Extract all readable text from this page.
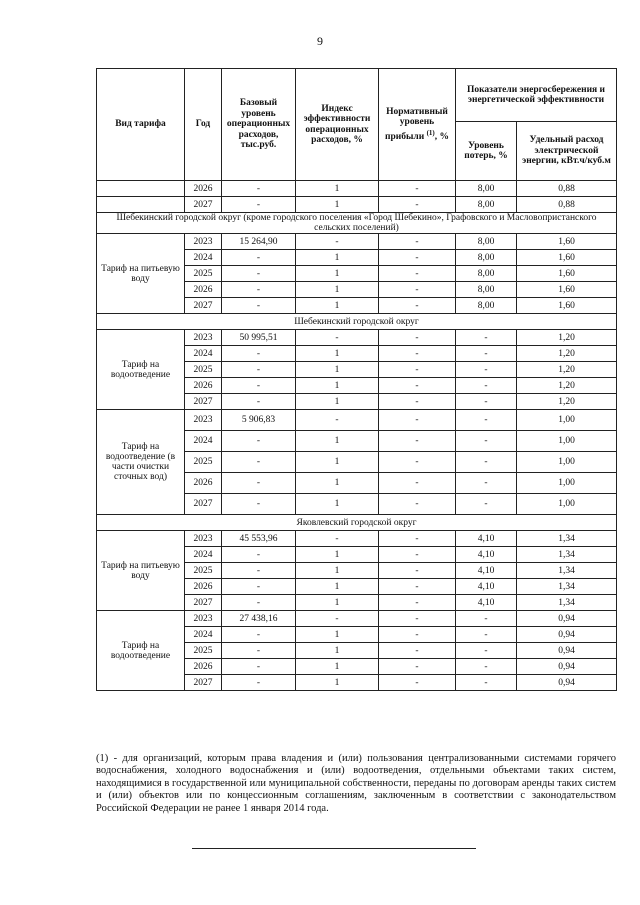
9
Вид тарифа	Год	Базовый уровень операционных расходов, тыс.руб.	Индекс эффективности операционных расходов, %	Нормативный уровень прибыли $^{(1)}$, %	Показатели энергосбережения и энергетической эффективности	
					Уровень потерь, %	Удельный расход электрической энергии, кВт.ч/куб.м
	2026	-	1	-	8,00	0,88
	2027	-	1	-	8,00	0,88
Шебекинский городской округ (кроме городского поселения «Город Шебекино», Графовского и Масловопристанского сельских поселений)						
Тариф на питьевую воду	2023	15 264,90	-	-	8,00	1,60
	2024	-	1	-	8,00	1,60
	2025	-	1	-	8,00	1,60
	2026	-	1	-	8,00	1,60
	2027	-	1	-	8,00	1,60
Шебекинский городской округ						
Тариф на водоотведение	2023	50 995,51	-	-	-	1,20
	2024	-	1	-	-	1,20
	2025	-	1	-	-	1,20
	2026	-	1	-	-	1,20
	2027	-	1	-	-	1,20
Тариф на водоотведение (в части очистки сточных вод)	2023	5 906,83	-	-	-	1,00
	2024	-	1	-	-	1,00
	2025	-	1	-	-	1,00
	2026	-	1	-	-	1,00
	2027	-	1	-	-	1,00
Яковлевский городской округ						
Тариф на питьевую воду	2023	45 553,96	-	-	4,10	1,34
	2024	-	1	-	4,10	1,34
	2025	-	1	-	4,10	1,34
	2026	-	1	-	4,10	1,34
	2027	-	1	-	4,10	1,34
Тариф на водоотведение	2023	27 438,16	-	-	-	0,94
	2024	-	1	-	-	0,94
	2025	-	1	-	-	0,94
	2026	-	1	-	-	0,94
	2027	-	1	-	-	0,94

(1) - для организаций, которым права владения и (или) пользования централизованными системами горячего водоснабжения, холодного водоснабжения и (или) водоотведения, отдельными объектами таких систем, находящимися в государственной или муниципальной собственности, переданы по договорам аренды таких систем и (или) объектов или по концессионным соглашениям, заключенным в соответствии с законодательством Российской Федерации не ранее 1 января 2014 года.
